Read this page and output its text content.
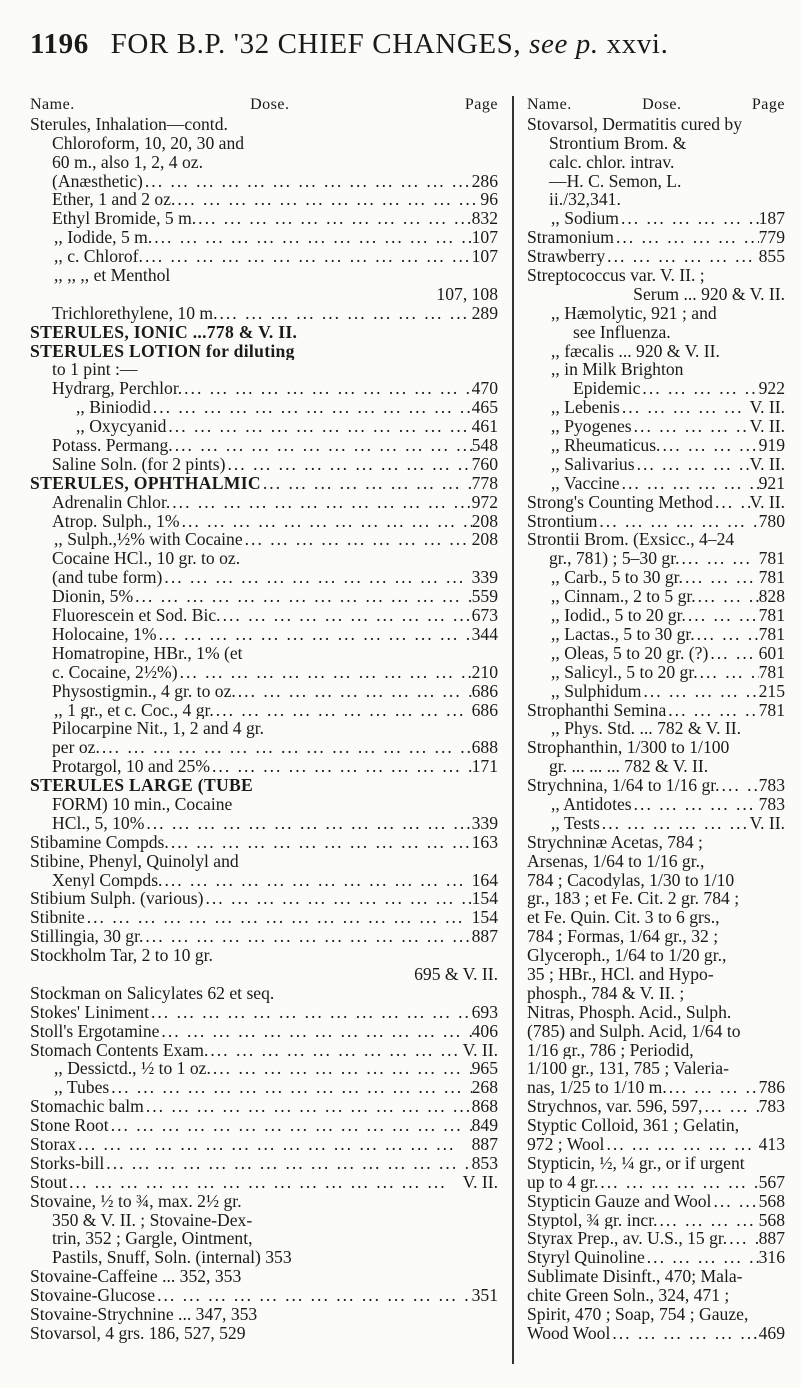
1196 FOR B.P. '32 CHIEF CHANGES, see p. xxvi.
Name.	Dose.	Page
Sterules, Inhalation—contd.
Chloroform, 10, 20, 30 and
60 m., also 1, 2, 4 oz.
(Anæsthetic) ... .	286
Ether, 1 and 2 oz. ... .	96
Ethyl Bromide, 5 m. ... .	832
,, Iodide, 5 m. ... .	107
,, c. Chlorof. ... .	107
,, ,, ,, et Menthol
107, 108
Trichlorethylene, 10 m. ... .	289
STERULES, IONIC ...778 & V. II.
STERULES LOTION for diluting
to 1 pint :—
Hydrarg, Perchlor. ... .	470
,, Biniodid ... .	465
,, Oxycyanid ... .	461
Potass. Permang. ... .	548
Saline Soln. (for 2 pints) ... .	760
STERULES, OPHTHALMIC ... .	778
Adrenalin Chlor. ... .	972
Atrop. Sulph., 1% ... .	208
,, Sulph.,½% with Cocaine ... .	208
Cocaine HCl., 10 gr. to oz.
(and tube form) ... .	339
Dionin, 5% ... .	559
Fluorescein et Sod. Bic. ... .	673
Holocaine, 1% ... .	344
Homatropine, HBr., 1% (et
c. Cocaine, 2½%) ... .	210
Physostigmin., 4 gr. to oz. ... .	686
,, 1 gr., et c. Coc., 4 gr. ... .	686
Pilocarpine Nit., 1, 2 and 4 gr.
per oz. ... .	688
Protargol, 10 and 25% ... .	171
STERULES LARGE (TUBE
FORM) 10 min., Cocaine
HCl., 5, 10% ... .	339
Stibamine Compds. ... .	163
Stibine, Phenyl, Quinolyl and
Xenyl Compds. ... .	164
Stibium Sulph. (various) ... .	154
Stibnite ... .	154
Stillingia, 30 gr. ... .	887
Stockholm Tar, 2 to 10 gr.
695 & V. II.
Stockman on Salicylates 62 et seq.
Stokes' Liniment ... .	693
Stoll's Ergotamine ... .	406
Stomach Contents Exam. ... .	V. II.
,, Dessictd., ½ to 1 oz. ... .	965
,, Tubes ... .	268
Stomachic balm ... .	868
Stone Root ... .	849
Storax ... .	887
Storks-bill ... .	853
Stout ... .	V. II.
Stovaine, ½ to ¾, max. 2½ gr.
350 & V. II. ; Stovaine-Dex-
trin, 352 ; Gargle, Ointment,
Pastils, Snuff, Soln. (internal) 353
Stovaine-Caffeine ... 352, 353
Stovaine-Glucose ... .	351
Stovaine-Strychnine ... 347, 353
Stovarsol, 4 grs. 186, 527, 529
Name.	Dose.	Page
Stovarsol, Dermatitis cured by
Strontium Brom. &
calc. chlor. intrav.
—H. C. Semon, L.
ii./32,341.
,, Sodium ... .	187
Stramonium ... .	779
Strawberry ... .	855
Streptococcus var. V. II. ;
Serum ... 920 & V. II.
,, Hæmolytic, 921 ; and
see Influenza.
,, fæcalis ... 920 & V. II.
,, in Milk Brighton
Epidemic ... .	922
,, Lebenis ... .	V. II.
,, Pyogenes ... .	V. II.
,, Rheumaticus. ... .	919
,, Salivarius ... .	V. II.
,, Vaccine ... .	921
Strong's Counting Method ... . V. II.
Strontium ... .	780
Strontii Brom. (Exsicc., 4–24
gr., 781) ; 5–30 gr. ... .	781
,, Carb., 5 to 30 gr. ... .	781
,, Cinnam., 2 to 5 gr. ... .	828
,, Iodid., 5 to 20 gr. ... .	781
,, Lactas., 5 to 30 gr. ... .	781
,, Oleas, 5 to 20 gr. (?) ... .	601
,, Salicyl., 5 to 20 gr. ... .	781
,, Sulphidum ... .	215
Strophanthi Semina ... .	781
,, Phys. Std. ... 782 & V. II.
Strophanthin, 1/300 to 1/100
gr. ... ... ... 782 & V. II.
Strychnina, 1/64 to 1/16 gr. ... . 783
,, Antidotes ... .	783
,, Tests ... .	V. II.
Strychninæ Acetas, 784 ;
Arsenas, 1/64 to 1/16 gr.,
784 ; Cacodylas, 1/30 to 1/10
gr., 183 ; et Fe. Cit. 2 gr. 784 ;
et Fe. Quin. Cit. 3 to 6 grs.,
784 ; Formas, 1/64 gr., 32 ;
Glyceroph., 1/64 to 1/20 gr.,
35 ; HBr., HCl. and Hypo-
phosph., 784 & V. II. ;
Nitras, Phosph. Acid., Sulph.
(785) and Sulph. Acid, 1/64 to
1/16 gr., 786 ; Periodid,
1/100 gr., 131, 785 ; Valeria-
nas, 1/25 to 1/10 m. ... .	786
Strychnos, var. 596, 597, ... .	783
Styptic Colloid, 361 ; Gelatin,
972 ; Wool ... .	413
Stypticin, ½, ¼ gr., or if urgent
up to 4 gr. ... .	567
Stypticin Gauze and Wool ... .	568
Styptol, ¾ gr. incr. ... .	568
Styrax Prep., av. U.S., 15 gr. ... . 887
Styryl Quinoline ... .	316
Sublimate Disinft., 470; Mala-
chite Green Soln., 324, 471 ;
Spirit, 470 ; Soap, 754 ; Gauze,
Wood Wool ... .	469
